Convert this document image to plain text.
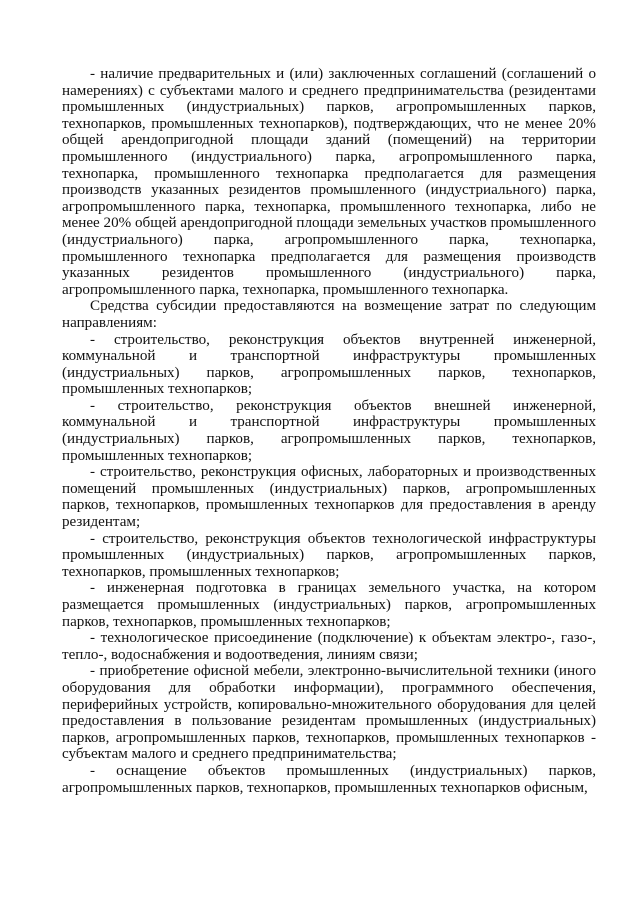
- наличие предварительных и (или) заключенных соглашений (соглашений о намерениях) с субъектами малого и среднего предпринимательства (резидентами промышленных (индустриальных) парков, агропромышленных парков, технопарков, промышленных технопарков), подтверждающих, что не менее 20% общей арендопригодной площади зданий (помещений) на территории промышленного (индустриального) парка, агропромышленного парка, технопарка, промышленного технопарка предполагается для размещения производств указанных резидентов промышленного (индустриального) парка, агропромышленного парка, технопарка, промышленного технопарка, либо не менее 20% общей арендопригодной площади земельных участков промышленного (индустриального) парка, агропромышленного парка, технопарка, промышленного технопарка предполагается для размещения производств указанных резидентов промышленного (индустриального) парка, агропромышленного парка, технопарка, промышленного технопарка.

Средства субсидии предоставляются на возмещение затрат по следующим направлениям:

- строительство, реконструкция объектов внутренней инженерной, коммунальной и транспортной инфраструктуры промышленных (индустриальных) парков, агропромышленных парков, технопарков, промышленных технопарков;

- строительство, реконструкция объектов внешней инженерной, коммунальной и транспортной инфраструктуры промышленных (индустриальных) парков, агропромышленных парков, технопарков, промышленных технопарков;

- строительство, реконструкция офисных, лабораторных и производственных помещений промышленных (индустриальных) парков, агропромышленных парков, технопарков, промышленных технопарков для предоставления в аренду резидентам;

- строительство, реконструкция объектов технологической инфраструктуры промышленных (индустриальных) парков, агропромышленных парков, технопарков, промышленных технопарков;

- инженерная подготовка в границах земельного участка, на котором размещается промышленных (индустриальных) парков, агропромышленных парков, технопарков, промышленных технопарков;

- технологическое присоединение (подключение) к объектам электро-, газо-, тепло-, водоснабжения и водоотведения, линиям связи;

- приобретение офисной мебели, электронно-вычислительной техники (иного оборудования для обработки информации), программного обеспечения, периферийных устройств, копировально-множительного оборудования для целей предоставления в пользование резидентам промышленных (индустриальных) парков, агропромышленных парков, технопарков, промышленных технопарков - субъектам малого и среднего предпринимательства;

- оснащение объектов промышленных (индустриальных) парков, агропромышленных парков, технопарков, промышленных технопарков офисным,
